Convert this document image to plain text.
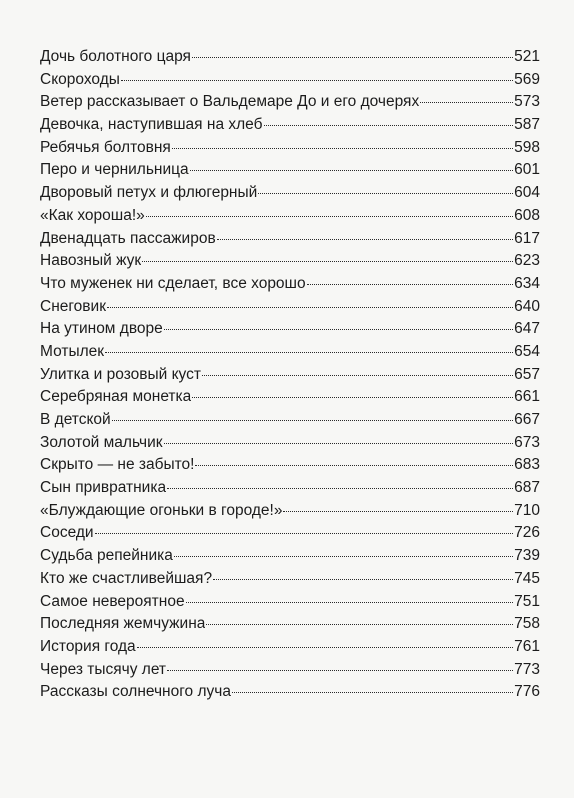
Дочь болотного царя	521
Скороходы	569
Ветер рассказывает о Вальдемаре До и его дочерях	573
Девочка, наступившая на хлеб	587
Ребячья болтовня	598
Перо и чернильница	601
Дворовый петух и флюгерный	604
«Как хороша!»	608
Двенадцать пассажиров	617
Навозный жук	623
Что муженек ни сделает, все хорошо	634
Снеговик	640
На утином дворе	647
Мотылек	654
Улитка и розовый куст	657
Серебряная монетка	661
В детской	667
Золотой мальчик	673
Скрыто — не забыто!	683
Сын привратника	687
«Блуждающие огоньки в городе!»	710
Соседи	726
Судьба репейника	739
Кто же счастливейшая?	745
Самое невероятное	751
Последняя жемчужина	758
История года	761
Через тысячу лет	773
Рассказы солнечного луча	776
